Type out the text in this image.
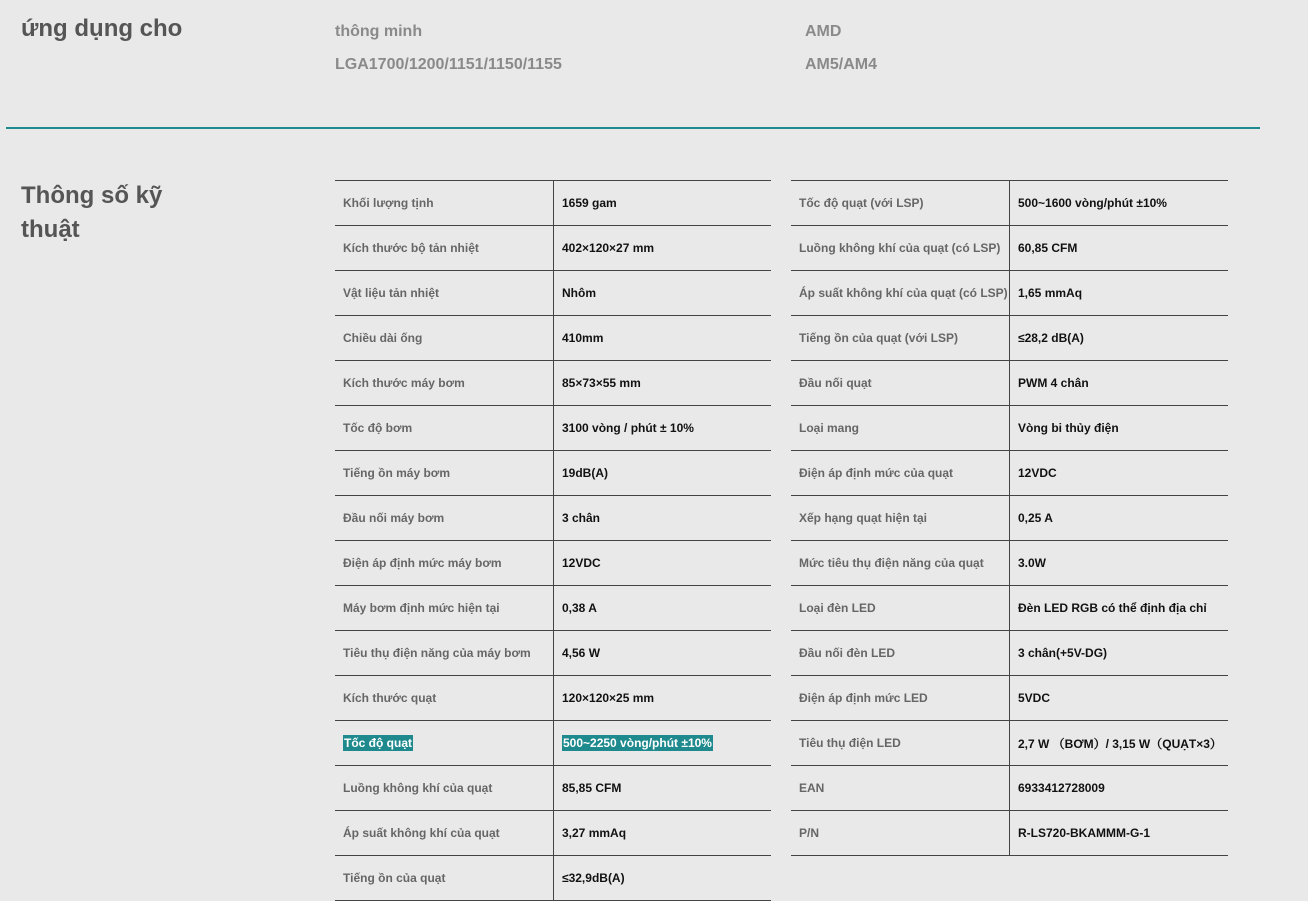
ứng dụng cho	thông minh
LGA1700/1200/1151/1150/1155
AMD
AM5/AM4
Thông số kỹ thuật
Khối lượng tịnh	1659 gam
Kích thước bộ tản nhiệt	402×120×27 mm
Vật liệu tản nhiệt	Nhôm
Chiều dài ống	410mm
Kích thước máy bơm	85×73×55 mm
Tốc độ bơm	3100 vòng / phút ± 10%
Tiếng ồn máy bơm	19dB(A)
Đầu nối máy bơm	3 chân
Điện áp định mức máy bơm	12VDC
Máy bơm định mức hiện tại	0,38 A
Tiêu thụ điện năng của máy bơm	4,56 W
Kích thước quạt	120×120×25 mm
Tốc độ quạt	500~2250 vòng/phút ±10%
Luồng không khí của quạt	85,85 CFM
Áp suất không khí của quạt	3,27 mmAq
Tiếng ồn của quạt	≤32,9dB(A)
Tốc độ quạt (với LSP)	500~1600 vòng/phút ±10%
Luồng không khí của quạt (có LSP)	60,85 CFM
Áp suất không khí của quạt (có LSP)	1,65 mmAq
Tiếng ồn của quạt (với LSP)	≤28,2 dB(A)
Đầu nối quạt	PWM 4 chân
Loại mang	Vòng bi thủy điện
Điện áp định mức của quạt	12VDC
Xếp hạng quạt hiện tại	0,25 A
Mức tiêu thụ điện năng của quạt	3.0W
Loại đèn LED	Đèn LED RGB có thể định địa chỉ
Đầu nối đèn LED	3 chân(+5V-DG)
Điện áp định mức LED	5VDC
Tiêu thụ điện LED	2,7 W （BƠM）/ 3,15 W（QUẠT×3）
EAN	6933412728009
P/N	R-LS720-BKAMMM-G-1
